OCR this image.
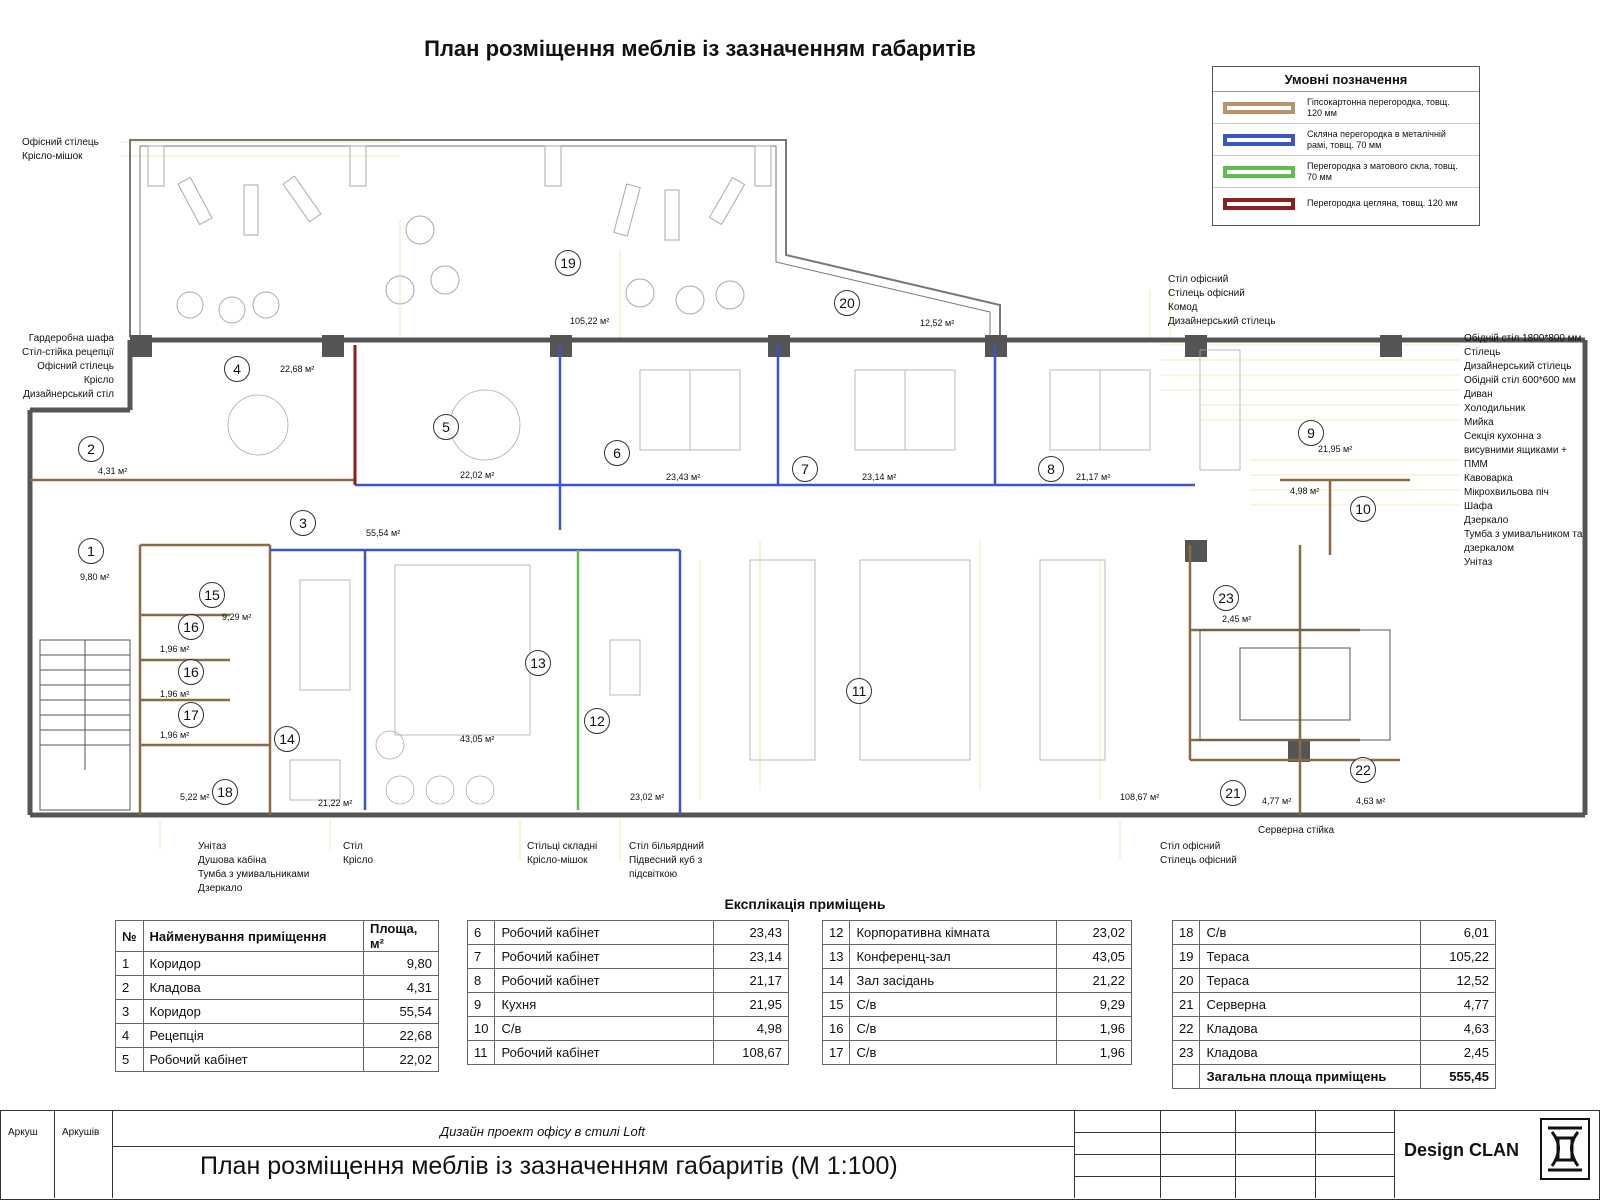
План розміщення меблів із зазначенням габаритів
1
9,80 м²
2
4,31 м²
3
55,54 м²
4	22,68 м²
5
22,02 м²
6
23,43 м²	7	23,14 м²	8	21,17 м²
9
21,95 м²
10
4,98 м²
11
108,67 м²
12
23,02 м²
13
43,05 м²
14
21,22 м²
15
9,29 м²
16
1,96 м²
16
1,96 м²
17
1,96 м²
18
5,22 м²
19
105,22 м²
20
12,52 м²
21	4,77 м²
22
4,63 м²
23
2,45 м²
Офісний стілець
Крісло-мішок
Гардеробна шафа
Стіл-стійка рецепції
Офісний стілець
Крісло
Дизайнерський стіл
Стіл офісний
Стілець офісний
Комод
Дизайнерський стілець
Обідній стіл 1800*800 мм
Стілець
Дизайнерський стілець
Обідній стіл 600*600 мм
Диван
Холодильник
Мийка
Секція кухонна з висувними ящиками + ПММ
Кавоварка
Мікрохвильова піч
Шафа
Дзеркало
Тумба з умивальником та дзеркалом
Унітаз
Унітаз
Душова кабіна
Тумба з умивальниками
Дзеркало
Стіл
Крісло
Стільці складні
Крісло-мішок
Стіл більярдний
Підвесний куб з підсвіткою
Стіл офісний
Стілець офісний
Серверна стійка
Умовні позначення
Гіпсокартонна перегородка, товщ. 120 мм
Скляна перегородка в металічній рамі, товщ. 70 мм
Перегородка з матового скла, товщ. 70 мм
Перегородка цегляна, товщ. 120 мм
Експлікація приміщень
№	Найменування приміщення	Площа, м²
1	Коридор	9,80
2	Кладова	4,31
3	Коридор	55,54
4	Рецепція	22,68
5	Робочий кабінет	22,02
6	Робочий кабінет	23,43
7	Робочий кабінет	23,14
8	Робочий кабінет	21,17
9	Кухня	21,95
10	С/в	4,98
11	Робочий кабінет	108,67
12	Корпоративна кімната	23,02
13	Конференц-зал	43,05
14	Зал засідань	21,22
15	С/в	9,29
16	С/в	1,96
17	С/в	1,96
18	С/в	6,01
19	Тераса	105,22
20	Тераса	12,52
21	Серверна	4,77
22	Кладова	4,63
23	Кладова	2,45
	Загальна площа приміщень	555,45
Аркуш Аркушів	Дизайн проект офісу в стилі Loft
План розміщення меблів із зазначенням габаритів (М 1:100)
Design CLAN
